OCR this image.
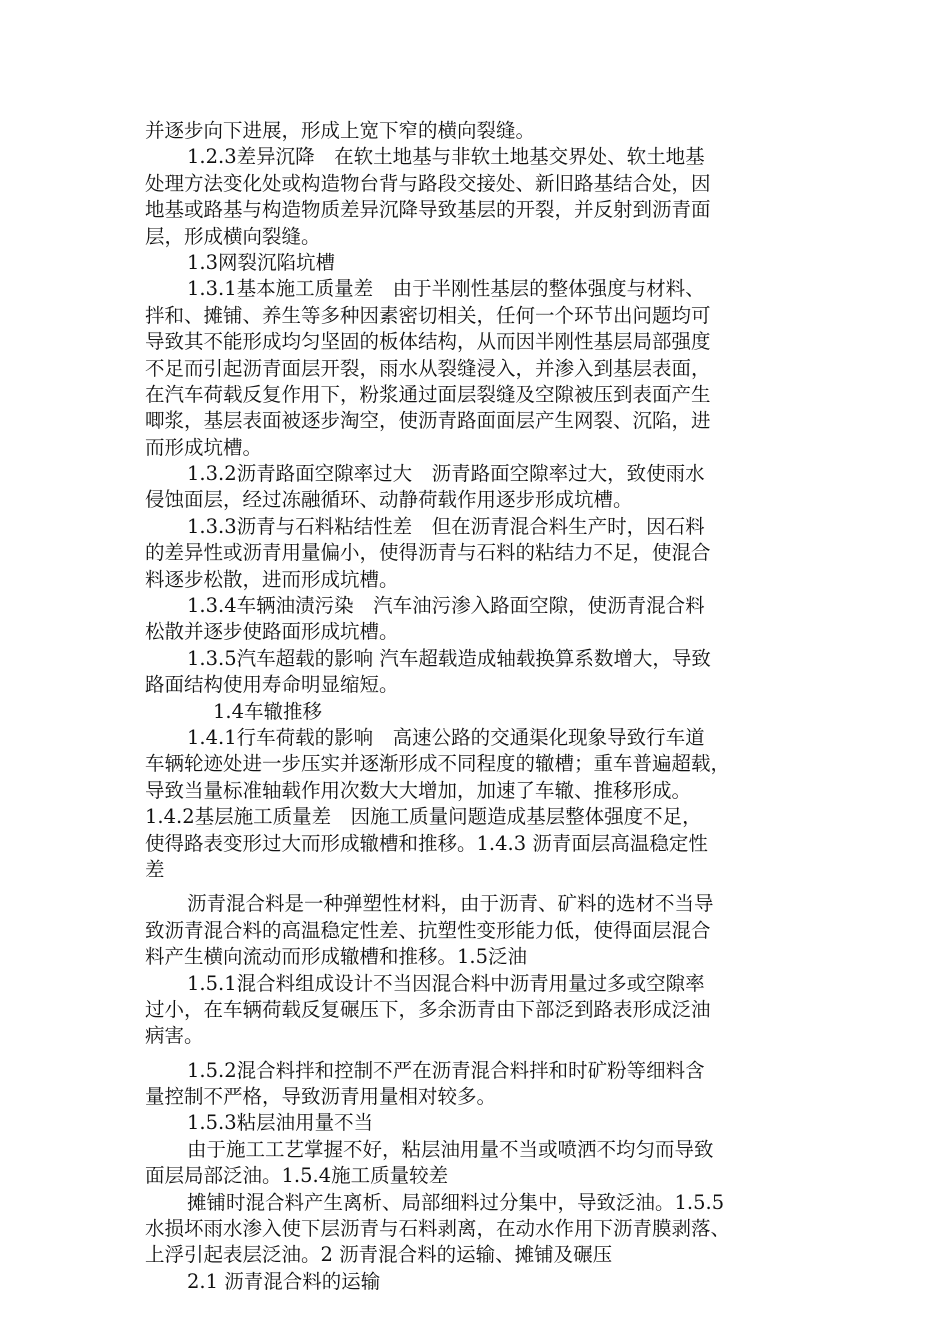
并逐步向下进展，形成上宽下窄的横向裂缝。
1.2.3差异沉降　在软土地基与非软土地基交界处、软土地基
处理方法变化处或构造物台背与路段交接处、新旧路基结合处，因
地基或路基与构造物质差异沉降导致基层的开裂，并反射到沥青面
层，形成横向裂缝。
1.3网裂沉陷坑槽
1.3.1基本施工质量差　由于半刚性基层的整体强度与材料、
拌和、摊铺、养生等多种因素密切相关，任何一个环节出问题均可
导致其不能形成均匀坚固的板体结构，从而因半刚性基层局部强度
不足而引起沥青面层开裂，雨水从裂缝浸入，并渗入到基层表面，
在汽车荷载反复作用下，粉浆通过面层裂缝及空隙被压到表面产生
唧浆，基层表面被逐步淘空，使沥青路面面层产生网裂、沉陷，进
而形成坑槽。
1.3.2沥青路面空隙率过大　沥青路面空隙率过大，致使雨水
侵蚀面层，经过冻融循环、动静荷载作用逐步形成坑槽。
1.3.3沥青与石料粘结性差　但在沥青混合料生产时，因石料
的差异性或沥青用量偏小，使得沥青与石料的粘结力不足，使混合
料逐步松散，进而形成坑槽。
1.3.4车辆油渍污染　汽车油污渗入路面空隙，使沥青混合料
松散并逐步使路面形成坑槽。
1.3.5汽车超载的影响 汽车超载造成轴载换算系数增大，导致
路面结构使用寿命明显缩短。
1.4车辙推移
1.4.1行车荷载的影响　高速公路的交通渠化现象导致行车道
车辆轮迹处进一步压实并逐渐形成不同程度的辙槽；重车普遍超载，
导致当量标准轴载作用次数大大增加，加速了车辙、推移形成。
1.4.2基层施工质量差　因施工质量问题造成基层整体强度不足，
使得路表变形过大而形成辙槽和推移。1.4.3 沥青面层高温稳定性
差
沥青混合料是一种弹塑性材料，由于沥青、矿料的选材不当导
致沥青混合料的高温稳定性差、抗塑性变形能力低，使得面层混合
料产生横向流动而形成辙槽和推移。1.5泛油
1.5.1混合料组成设计不当因混合料中沥青用量过多或空隙率
过小，在车辆荷载反复碾压下，多余沥青由下部泛到路表形成泛油
病害。
1.5.2混合料拌和控制不严在沥青混合料拌和时矿粉等细料含
量控制不严格，导致沥青用量相对较多。
1.5.3粘层油用量不当
由于施工工艺掌握不好，粘层油用量不当或喷洒不均匀而导致
面层局部泛油。1.5.4施工质量较差
摊铺时混合料产生离析、局部细料过分集中，导致泛油。1.5.5
水损坏雨水渗入使下层沥青与石料剥离，在动水作用下沥青膜剥落、
上浮引起表层泛油。2 沥青混合料的运输、摊铺及碾压
2.1 沥青混合料的运输
